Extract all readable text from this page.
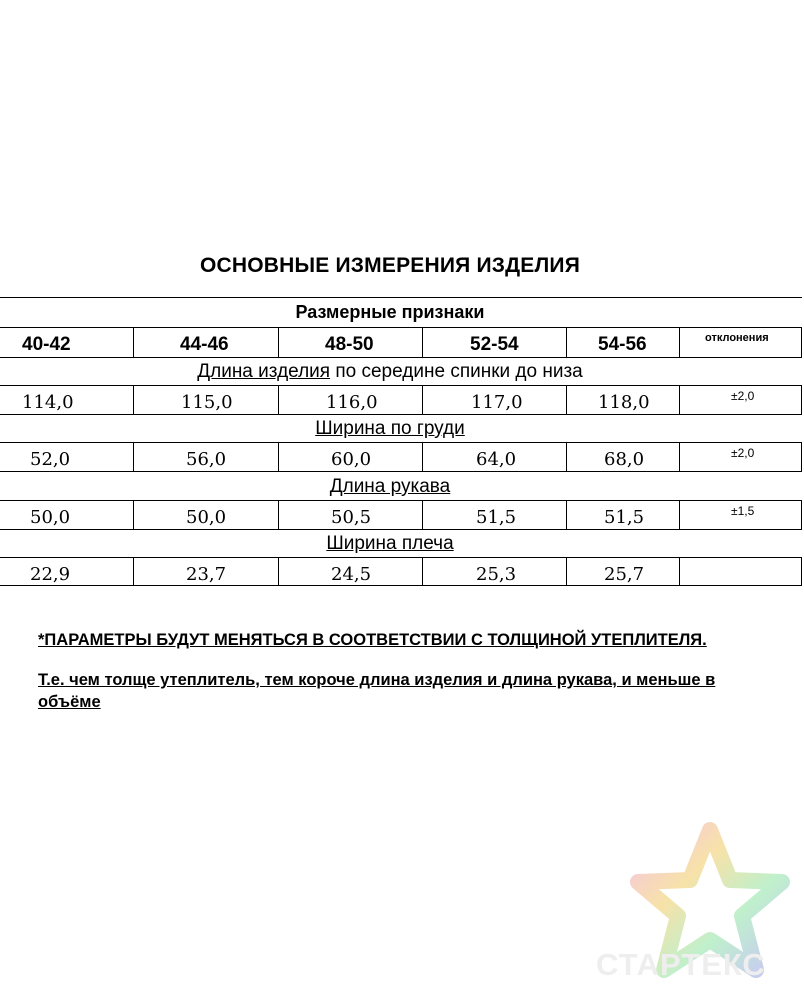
ОСНОВНЫЕ ИЗМЕРЕНИЯ ИЗДЕЛИЯ
Размерные признаки
40-42	44-46	48-50	52-54	54-56	отклонения
Длина изделия по середине спинки до низа
114,0	115,0	116,0	117,0	118,0	±2,0
Ширина по груди
52,0	56,0	60,0	64,0	68,0	±2,0
Длина рукава
50,0	50,0	50,5	51,5	51,5	±1,5
Ширина плеча
22,9	23,7	24,5	25,3	25,7
*ПАРАМЕТРЫ БУДУТ МЕНЯТЬСЯ В СООТВЕТСТВИИ С ТОЛЩИНОЙ УТЕПЛИТЕЛЯ.
Т.е. чем толще утеплитель, тем короче длина изделия и длина рукава, и меньше в объёме
СТАРТЕКС
